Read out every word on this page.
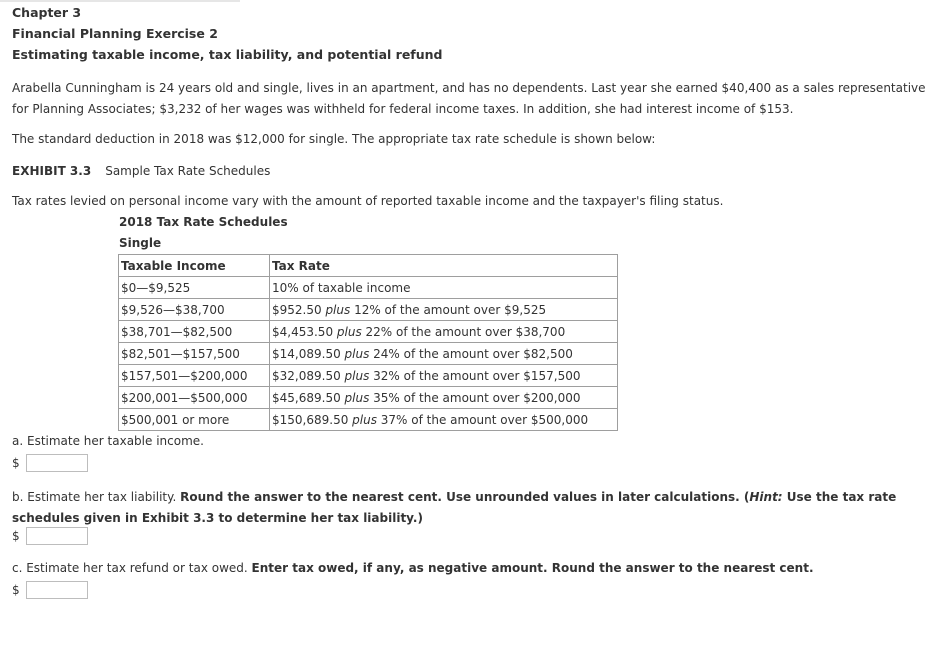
Chapter 3
Financial Planning Exercise 2
Estimating taxable income, tax liability, and potential refund
Arabella Cunningham is 24 years old and single, lives in an apartment, and has no dependents. Last year she earned $40,400 as a sales representative for Planning Associates; $3,232 of her wages was withheld for federal income taxes. In addition, she had interest income of $153.
The standard deduction in 2018 was $12,000 for single. The appropriate tax rate schedule is shown below:
EXHIBIT 3.3 Sample Tax Rate Schedules
Tax rates levied on personal income vary with the amount of reported taxable income and the taxpayer's filing status.
2018 Tax Rate Schedules
Single
Taxable Income	Tax Rate
$0—$9,525	10% of taxable income
$9,526—$38,700	$952.50 plus 12% of the amount over $9,525
$38,701—$82,500	$4,453.50 plus 22% of the amount over $38,700
$82,501—$157,500	$14,089.50 plus 24% of the amount over $82,500
$157,501—$200,000	$32,089.50 plus 32% of the amount over $157,500
$200,001—$500,000	$45,689.50 plus 35% of the amount over $200,000
$500,001 or more	$150,689.50 plus 37% of the amount over $500,000
a. Estimate her taxable income.
$
b. Estimate her tax liability. Round the answer to the nearest cent. Use unrounded values in later calculations. (Hint: Use the tax rate schedules given in Exhibit 3.3 to determine her tax liability.)
$
c. Estimate her tax refund or tax owed. Enter tax owed, if any, as negative amount. Round the answer to the nearest cent.
$
